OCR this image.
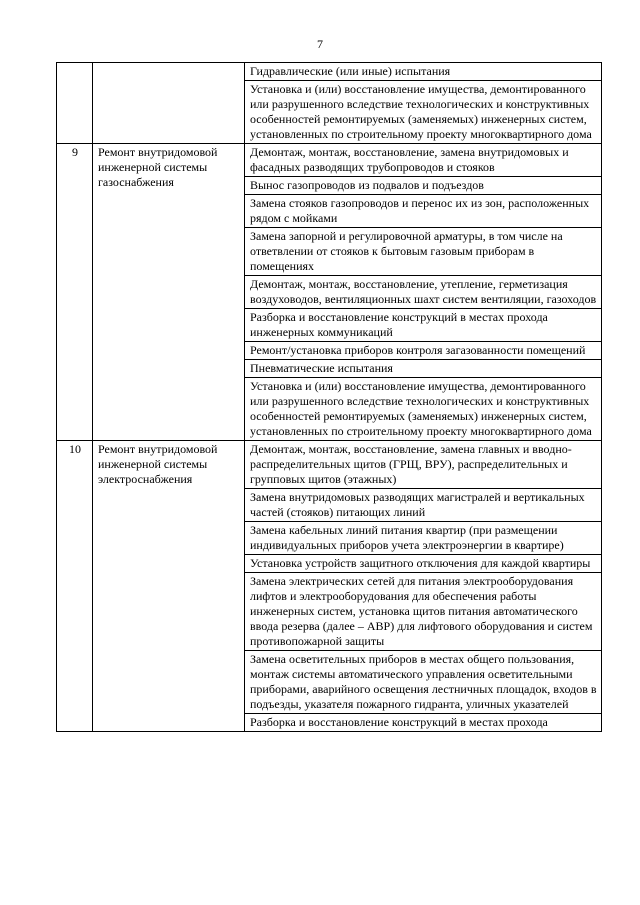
7
		Гидравлические (или иные) испытания
		Установка и (или) восстановление имущества, демонтированного или разрушенного вследствие технологических и конструктивных особенностей ремонтируемых (заменяемых) инженерных систем, установленных по строительному проекту многоквартирного дома
9	Ремонт внутридомовой инженерной системы газоснабжения	Демонтаж, монтаж, восстановление, замена внутридомовых и фасадных разводящих трубопроводов и стояков
		Вынос газопроводов из подвалов и подъездов
		Замена стояков газопроводов и перенос их из зон, расположенных рядом с мойками
		Замена запорной и регулировочной арматуры, в том числе на ответвлении от стояков к бытовым газовым приборам в помещениях
		Демонтаж, монтаж, восстановление, утепление, герметизация воздуховодов, вентиляционных шахт систем вентиляции, газоходов
		Разборка и восстановление конструкций в местах прохода инженерных коммуникаций
		Ремонт/установка приборов контроля загазованности помещений
		Пневматические испытания
		Установка и (или) восстановление имущества, демонтированного или разрушенного вследствие технологических и конструктивных особенностей ремонтируемых (заменяемых) инженерных систем, установленных по строительному проекту многоквартирного дома
10	Ремонт внутридомовой инженерной системы электроснабжения	Демонтаж, монтаж, восстановление, замена главных и вводно-распределительных щитов (ГРЩ, ВРУ), распределительных и групповых щитов (этажных)
		Замена внутридомовых разводящих магистралей и вертикальных частей (стояков) питающих линий
		Замена кабельных линий питания квартир (при размещении индивидуальных приборов учета электроэнергии в квартире)
		Установка устройств защитного отключения для каждой квартиры
		Замена электрических сетей для питания электрооборудования лифтов и электрооборудования для обеспечения работы инженерных систем, установка щитов питания автоматического ввода резерва (далее – АВР) для лифтового оборудования и систем противопожарной защиты
		Замена осветительных приборов в местах общего пользования, монтаж системы автоматического управления осветительными приборами, аварийного освещения лестничных площадок, входов в подъезды, указателя пожарного гидранта, уличных указателей
		Разборка и восстановление конструкций в местах прохода
